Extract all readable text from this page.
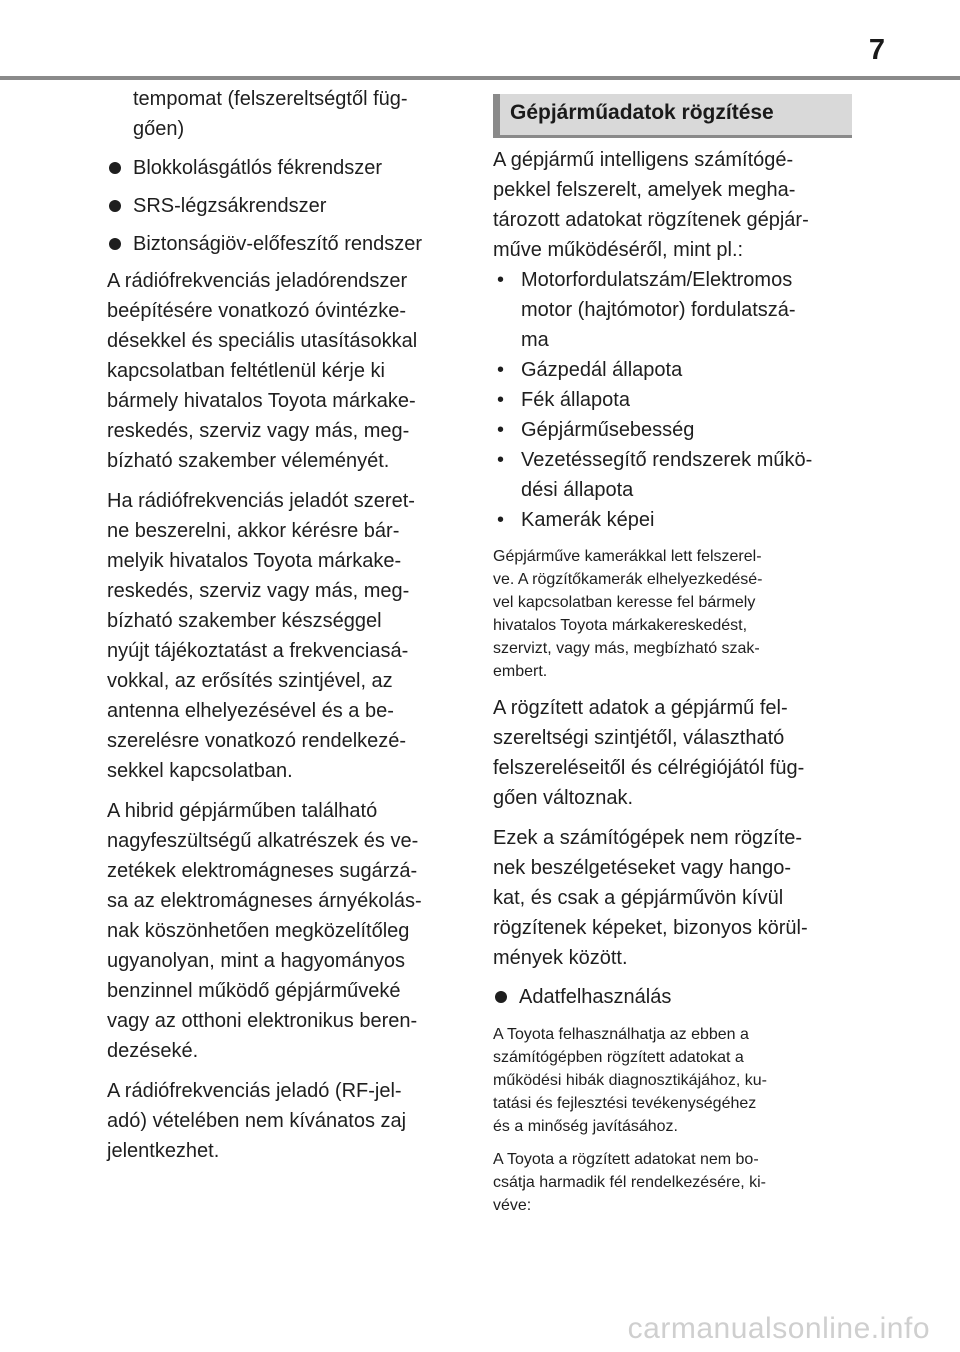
7

tempomat (felszereltségtől füg-
gően)

Blokkolásgátlós fékrendszer
SRS-légzsákrendszer
Biztonságiöv-előfeszítő rendszer

A rádiófrekvenciás jeladórendszer
beépítésére vonatkozó óvintézke-
désekkel és speciális utasításokkal
kapcsolatban feltétlenül kérje ki
bármely hivatalos Toyota márkake-
reskedés, szerviz vagy más, meg-
bízható szakember véleményét.

Ha rádiófrekvenciás jeladót szeret-
ne beszerelni, akkor kérésre bár-
melyik hivatalos Toyota márkake-
reskedés, szerviz vagy más, meg-
bízható szakember készséggel
nyújt tájékoztatást a frekvenciasá-
vokkal, az erősítés szintjével, az
antenna elhelyezésével és a be-
szerelésre vonatkozó rendelkezé-
sekkel kapcsolatban.

A hibrid gépjárműben található
nagyfeszültségű alkatrészek és ve-
zetékek elektromágneses sugárzá-
sa az elektromágneses árnyékolás-
nak köszönhetően megközelítőleg
ugyanolyan, mint a hagyományos
benzinnel működő gépjárműveké
vagy az otthoni elektronikus beren-
dezéseké.

A rádiófrekvenciás jeladó (RF-jel-
adó) vételében nem kívánatos zaj
jelentkezhet.

Gépjárműadatok rögzítése

A gépjármű intelligens számítógé-
pekkel felszerelt, amelyek megha-
tározott adatokat rögzítenek gépjár-
műve működéséről, mint pl.:

• Motorfordulatszám/Elektromos
motor (hajtómotor) fordulatszá-
ma
• Gázpedál állapota
• Fék állapota
• Gépjárműsebesség
• Vezetéssegítő rendszerek műkö-
dési állapota
• Kamerák képei

Gépjárműve kamerákkal lett felszerel-
ve. A rögzítőkamerák elhelyezkedésé-
vel kapcsolatban keresse fel bármely
hivatalos Toyota márkakereskedést,
szervizt, vagy más, megbízható szak-
embert.

A rögzített adatok a gépjármű fel-
szereltségi szintjétől, választható
felszereléseitől és célrégiójától füg-
gően változnak.

Ezek a számítógépek nem rögzíte-
nek beszélgetéseket vagy hango-
kat, és csak a gépjárművön kívül
rögzítenek képeket, bizonyos körül-
mények között.

Adatfelhasználás

A Toyota felhasználhatja az ebben a
számítógépben rögzített adatokat a
működési hibák diagnosztikájához, ku-
tatási és fejlesztési tevékenységéhez
és a minőség javításához.

A Toyota a rögzített adatokat nem bo-
csátja harmadik fél rendelkezésére, ki-
véve:

carmanualsonline.info
